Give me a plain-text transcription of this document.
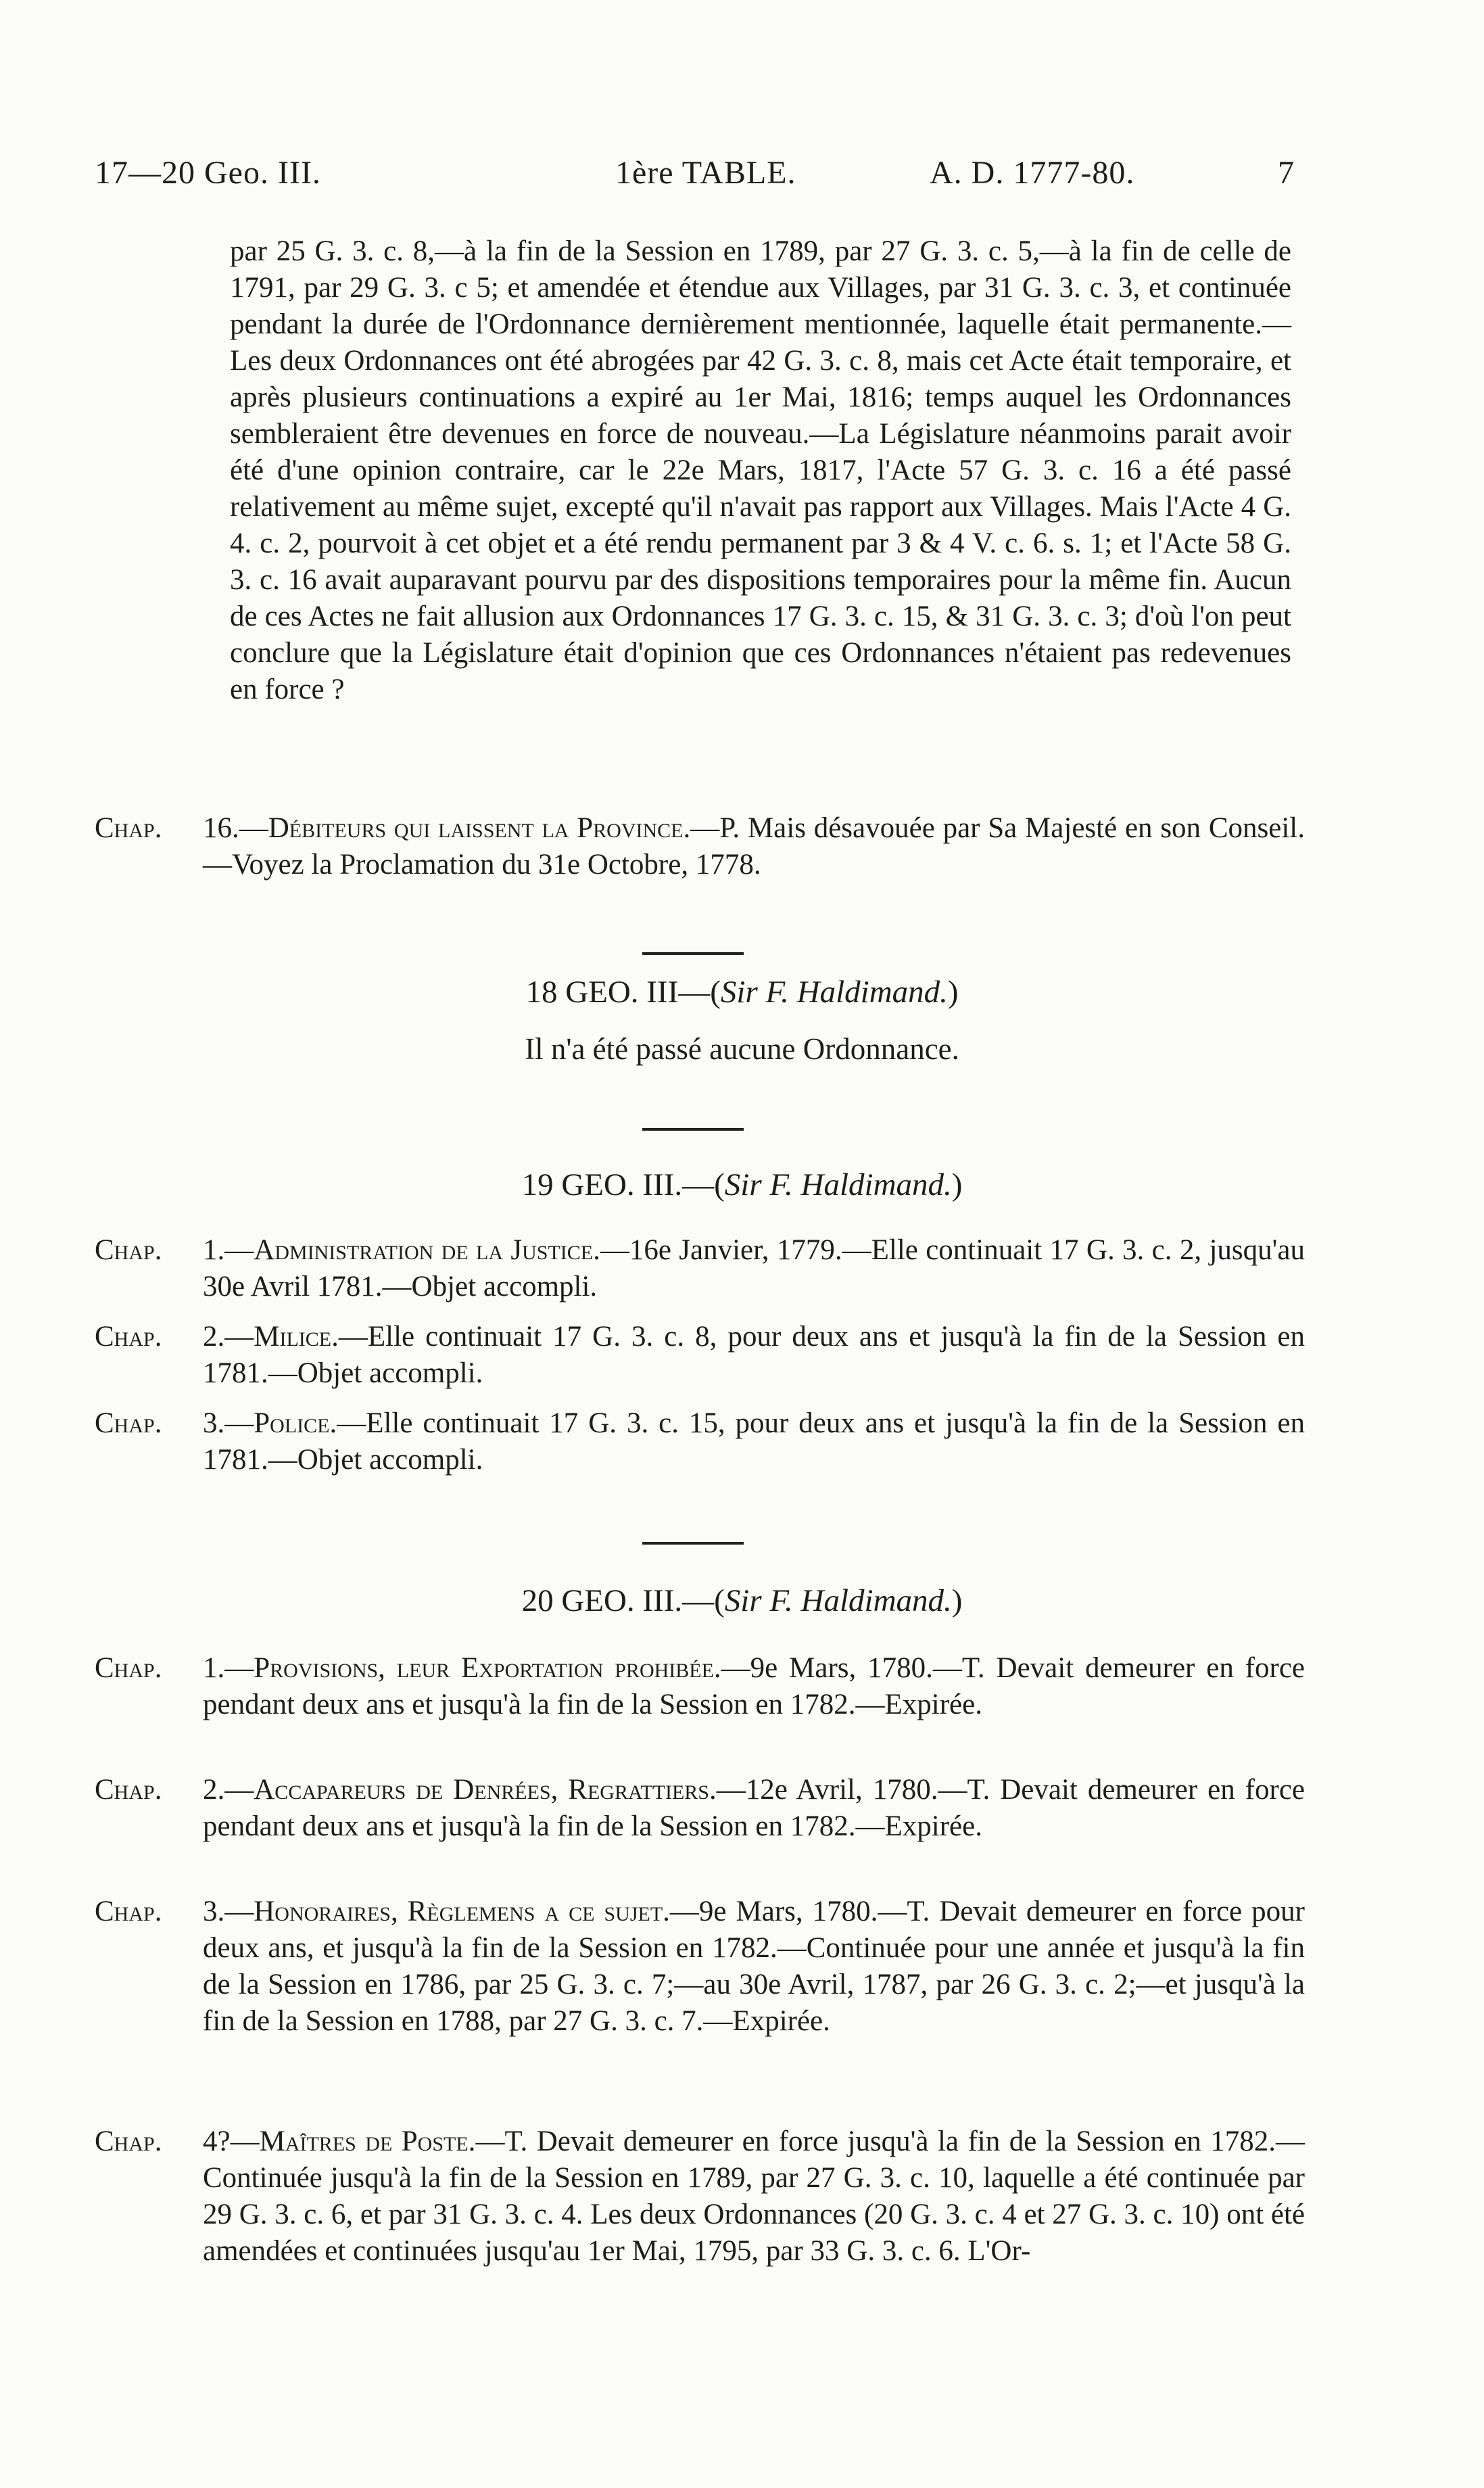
17—20 Geo. III.	1ère TABLE.	A. D. 1777-80.	7
par 25 G. 3. c. 8,—à la fin de la Session en 1789, par 27 G. 3. c. 5,—à la fin de celle de 1791, par 29 G. 3. c 5; et amendée et étendue aux Villages, par 31 G. 3. c. 3, et continuée pendant la durée de l'Ordonnance dernièrement mentionnée, laquelle était permanente.—Les deux Ordonnances ont été abrogées par 42 G. 3. c. 8, mais cet Acte était temporaire, et après plusieurs continuations a expiré au 1er Mai, 1816; temps auquel les Ordonnances sembleraient être devenues en force de nouveau.—La Législature néanmoins parait avoir été d'une opinion contraire, car le 22e Mars, 1817, l'Acte 57 G. 3. c. 16 a été passé relativement au même sujet, excepté qu'il n'avait pas rapport aux Villages. Mais l'Acte 4 G. 4. c. 2, pourvoit à cet objet et a été rendu permanent par 3 & 4 V. c. 6. s. 1; et l'Acte 58 G. 3. c. 16 avait auparavant pourvu par des dispositions temporaires pour la même fin. Aucun de ces Actes ne fait allusion aux Ordonnances 17 G. 3. c. 15, & 31 G. 3. c. 3; d'où l'on peut conclure que la Législature était d'opinion que ces Ordonnances n'étaient pas redevenues en force ?
Chap.	16.—Débiteurs qui laissent la Province.—P. Mais désavouée par Sa Majesté en son Conseil.—Voyez la Proclamation du 31e Octobre, 1778.
18 GEO. III—(Sir F. Haldimand.)
Il n'a été passé aucune Ordonnance.
19 GEO. III.—(Sir F. Haldimand.)
Chap.	1.—Administration de la Justice.—16e Janvier, 1779.—Elle continuait 17 G. 3. c. 2, jusqu'au 30e Avril 1781.—Objet accompli.
Chap.	2.—Milice.—Elle continuait 17 G. 3. c. 8, pour deux ans et jusqu'à la fin de la Session en 1781.—Objet accompli.
Chap.	3.—Police.—Elle continuait 17 G. 3. c. 15, pour deux ans et jusqu'à la fin de la Session en 1781.—Objet accompli.
20 GEO. III.—(Sir F. Haldimand.)
Chap.	1.—Provisions, leur Exportation prohibée.—9e Mars, 1780.—T. Devait demeurer en force pendant deux ans et jusqu'à la fin de la Session en 1782.—Expirée.
Chap.	2.—Accapareurs de Denrées, Regrattiers.—12e Avril, 1780.—T. Devait demeurer en force pendant deux ans et jusqu'à la fin de la Session en 1782.—Expirée.
Chap.	3.—Honoraires, Règlemens a ce sujet.—9e Mars, 1780.—T. Devait demeurer en force pour deux ans, et jusqu'à la fin de la Session en 1782.—Continuée pour une année et jusqu'à la fin de la Session en 1786, par 25 G. 3. c. 7;—au 30e Avril, 1787, par 26 G. 3. c. 2;—et jusqu'à la fin de la Session en 1788, par 27 G. 3. c. 7.—Expirée.
Chap.	4?—Maîtres de Poste.—T. Devait demeurer en force jusqu'à la fin de la Session en 1782.—Continuée jusqu'à la fin de la Session en 1789, par 27 G. 3. c. 10, laquelle a été continuée par 29 G. 3. c. 6, et par 31 G. 3. c. 4. Les deux Ordonnances (20 G. 3. c. 4 et 27 G. 3. c. 10) ont été amendées et continuées jusqu'au 1er Mai, 1795, par 33 G. 3. c. 6. L'Or-
